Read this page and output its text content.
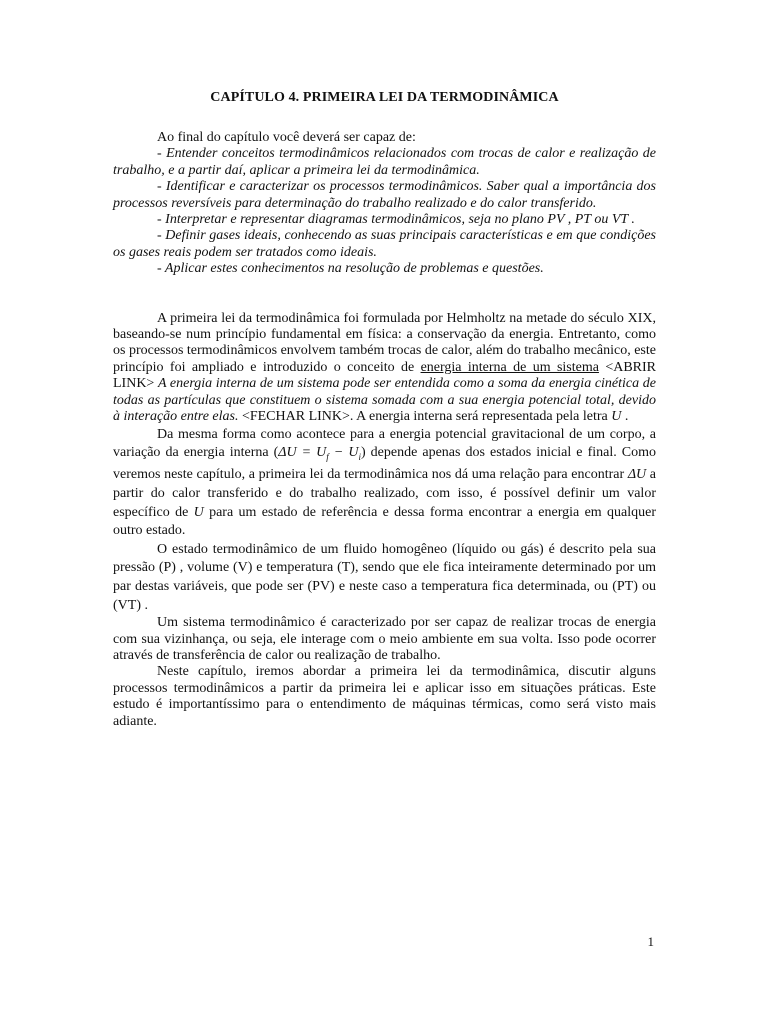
CAPÍTULO 4. PRIMEIRA LEI DA TERMODINÂMICA

Ao final do capítulo você deverá ser capaz de:

- Entender conceitos termodinâmicos relacionados com trocas de calor e realização de trabalho, e a partir daí, aplicar a primeira lei da termodinâmica.

- Identificar e caracterizar os processos termodinâmicos. Saber qual a importância dos processos reversíveis para determinação do trabalho realizado e do calor transferido.

- Interpretar e representar diagramas termodinâmicos, seja no plano PV , PT ou VT .

- Definir gases ideais, conhecendo as suas principais características e em que condições os gases reais podem ser tratados como ideais.

- Aplicar estes conhecimentos na resolução de problemas e questões.

A primeira lei da termodinâmica foi formulada por Helmholtz na metade do século XIX, baseando-se num princípio fundamental em física: a conservação da energia. Entretanto, como os processos termodinâmicos envolvem também trocas de calor, além do trabalho mecânico, este princípio foi ampliado e introduzido o conceito de energia interna de um sistema <ABRIR LINK> A energia interna de um sistema pode ser entendida como a soma da energia cinética de todas as partículas que constituem o sistema somada com a sua energia potencial total, devido à interação entre elas. <FECHAR LINK>. A energia interna será representada pela letra U .

Da mesma forma como acontece para a energia potencial gravitacional de um corpo, a variação da energia interna $(\Delta U = U_f - U_i)$ depende apenas dos estados inicial e final. Como veremos neste capítulo, a primeira lei da termodinâmica nos dá uma relação para encontrar ΔU a partir do calor transferido e do trabalho realizado, com isso, é possível definir um valor específico de U para um estado de referência e dessa forma encontrar a energia em qualquer outro estado.

O estado termodinâmico de um fluido homogêneo (líquido ou gás) é descrito pela sua pressão (P) , volume (V) e temperatura (T), sendo que ele fica inteiramente determinado por um par destas variáveis, que pode ser (PV) e neste caso a temperatura fica determinada, ou (PT) ou (VT) .

Um sistema termodinâmico é caracterizado por ser capaz de realizar trocas de energia com sua vizinhança, ou seja, ele interage com o meio ambiente em sua volta. Isso pode ocorrer através de transferência de calor ou realização de trabalho.

Neste capítulo, iremos abordar a primeira lei da termodinâmica, discutir alguns processos termodinâmicos a partir da primeira lei e aplicar isso em situações práticas. Este estudo é importantíssimo para o entendimento de máquinas térmicas, como será visto mais adiante.

1
